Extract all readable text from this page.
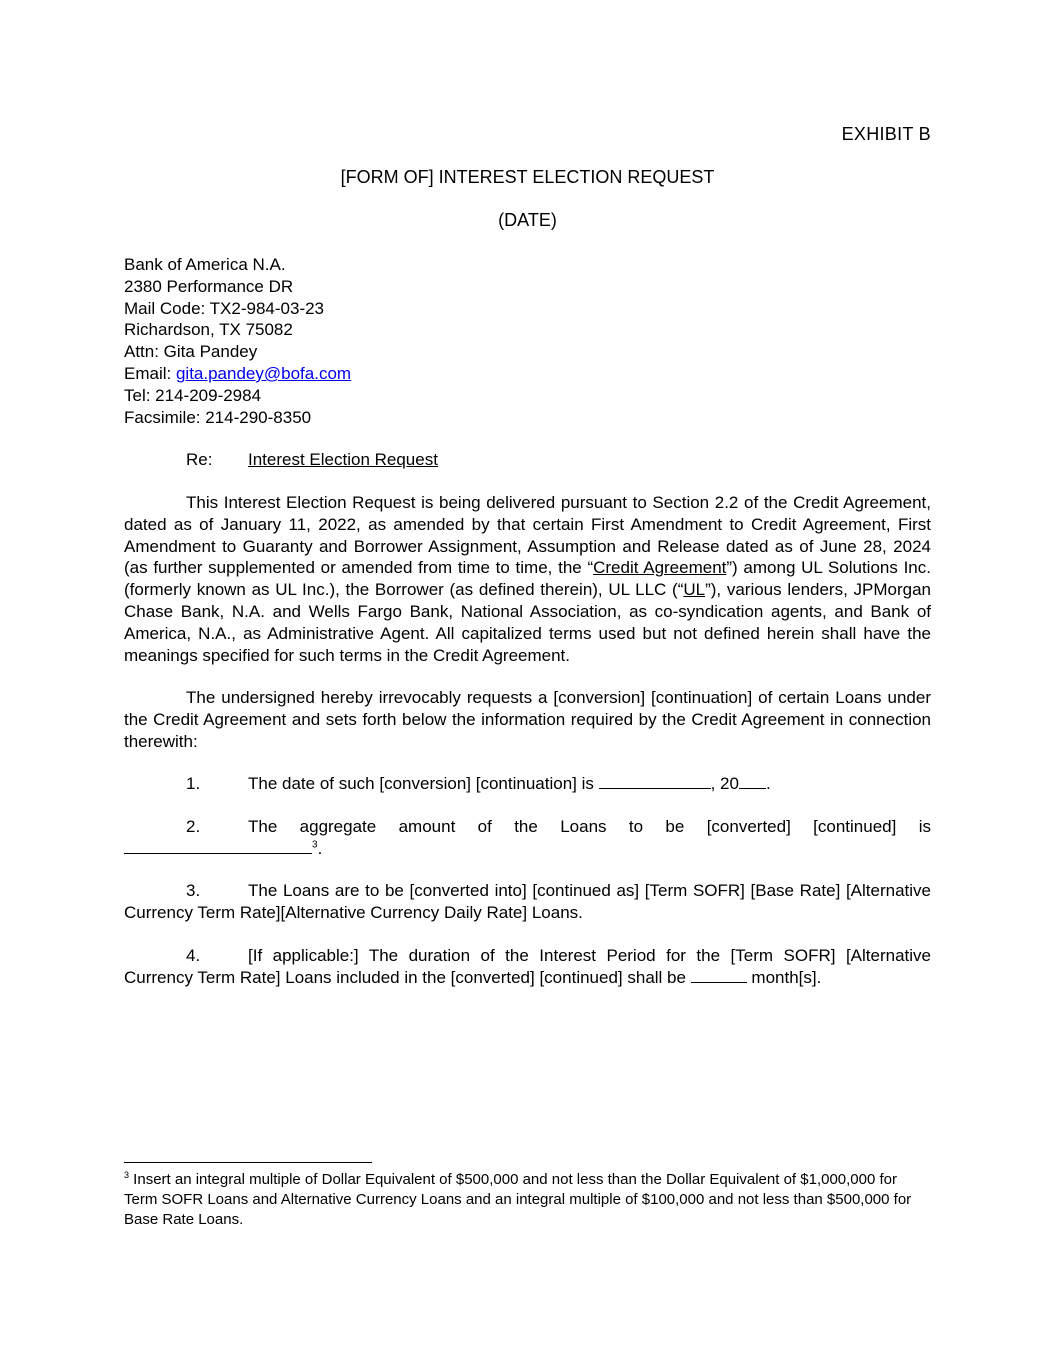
EXHIBIT B
[FORM OF] INTEREST ELECTION REQUEST
(DATE)
Bank of America N.A.
2380 Performance DR
Mail Code: TX2-984-03-23
Richardson, TX 75082
Attn: Gita Pandey
Email: gita.pandey@bofa.com
Tel: 214-209-2984
Facsimile: 214-290-8350
Re: Interest Election Request
This Interest Election Request is being delivered pursuant to Section 2.2 of the Credit Agreement, dated as of January 11, 2022, as amended by that certain First Amendment to Credit Agreement, First Amendment to Guaranty and Borrower Assignment, Assumption and Release dated as of June 28, 2024 (as further supplemented or amended from time to time, the “Credit Agreement”) among UL Solutions Inc. (formerly known as UL Inc.), the Borrower (as defined therein), UL LLC (“UL”), various lenders, JPMorgan Chase Bank, N.A. and Wells Fargo Bank, National Association, as co-syndication agents, and Bank of America, N.A., as Administrative Agent. All capitalized terms used but not defined herein shall have the meanings specified for such terms in the Credit Agreement.
The undersigned hereby irrevocably requests a [conversion] [continuation] of certain Loans under the Credit Agreement and sets forth below the information required by the Credit Agreement in connection therewith:
1.	The date of such [conversion] [continuation] is	, 20 .
2.	The aggregate amount of the Loans to be [converted] [continued] is
$^3$.
3.	The Loans are to be [converted into] [continued as] [Term SOFR] [Base Rate] [Alternative Currency Term Rate][Alternative Currency Daily Rate] Loans.
4.	[If applicable:] The duration of the Interest Period for the [Term SOFR] [Alternative Currency Term Rate] Loans included in the [converted] [continued] shall be	month[s].
$^3$ Insert an integral multiple of Dollar Equivalent of $500,000 and not less than the Dollar Equivalent of $1,000,000 for Term SOFR Loans and Alternative Currency Loans and an integral multiple of $100,000 and not less than $500,000 for Base Rate Loans.
